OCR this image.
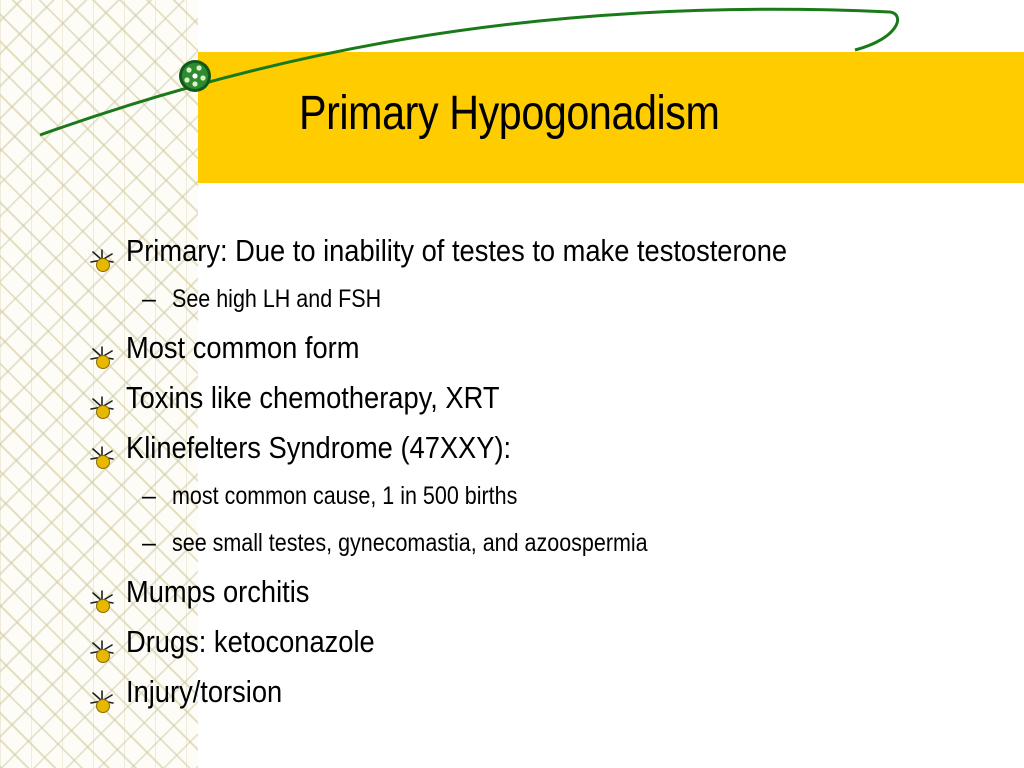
Primary Hypogonadism
Primary: Due to inability of testes to make testosterone
– See high LH and FSH
Most common form
Toxins like chemotherapy, XRT
Klinefelters Syndrome (47XXY):
– most common cause, 1 in 500 births
– see small testes, gynecomastia, and azoospermia
Mumps orchitis
Drugs: ketoconazole
Injury/torsion
